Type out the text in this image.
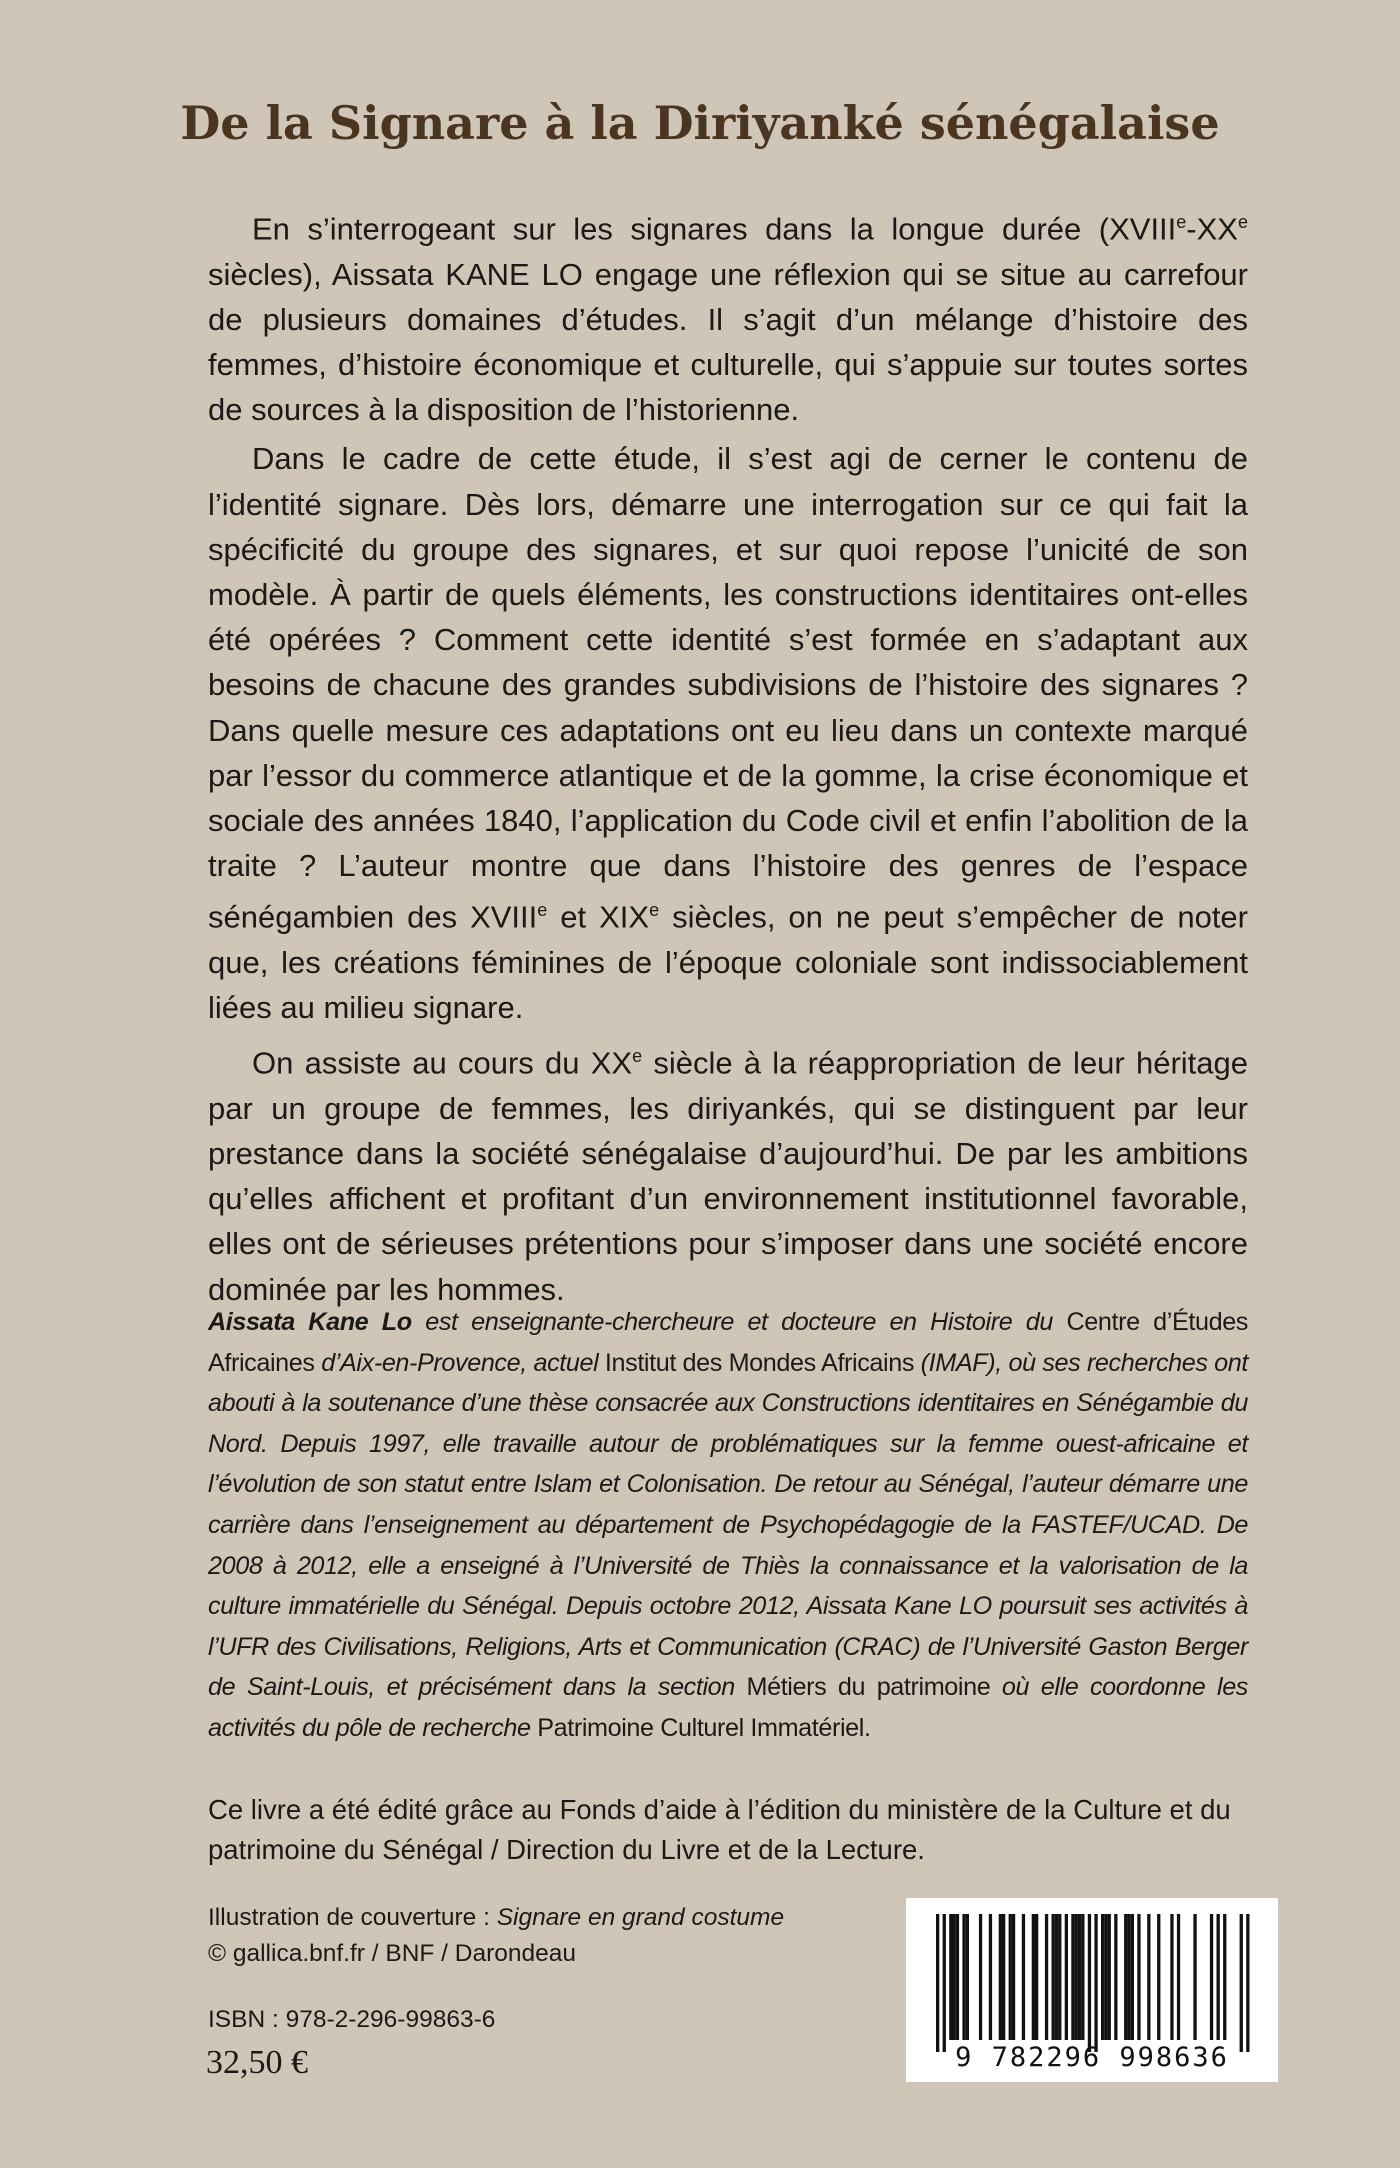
De la Signare à la Diriyanké sénégalaise

En s’interrogeant sur les signares dans la longue durée (XVIIIe-XXe siècles), Aissata KANE LO engage une réflexion qui se situe au carrefour de plusieurs domaines d’études. Il s’agit d’un mélange d’histoire des femmes, d’histoire économique et culturelle, qui s’appuie sur toutes sortes de sources à la disposition de l’historienne.

Dans le cadre de cette étude, il s’est agi de cerner le contenu de l’identité signare. Dès lors, démarre une interrogation sur ce qui fait la spécificité du groupe des signares, et sur quoi repose l’unicité de son modèle. À partir de quels éléments, les constructions identitaires ont-elles été opérées ? Comment cette identité s’est formée en s’adaptant aux besoins de chacune des grandes subdivisions de l’histoire des signares ? Dans quelle mesure ces adaptations ont eu lieu dans un contexte marqué par l’essor du commerce atlantique et de la gomme, la crise économique et sociale des années 1840, l’application du Code civil et enfin l’abolition de la traite ? L’auteur montre que dans l’histoire des genres de l’espace sénégambien des XVIIIe et XIXe siècles, on ne peut s’empêcher de noter que, les créations féminines de l’époque coloniale sont indissociablement liées au milieu signare.

On assiste au cours du XXe siècle à la réappropriation de leur héritage par un groupe de femmes, les diriyankés, qui se distinguent par leur prestance dans la société sénégalaise d’aujourd’hui. De par les ambitions qu’elles affichent et profitant d’un environnement institutionnel favorable, elles ont de sérieuses prétentions pour s’imposer dans une société encore dominée par les hommes.

Aissata Kane Lo est enseignante-chercheure et docteure en Histoire du Centre d’Études Africaines d’Aix-en-Provence, actuel Institut des Mondes Africains (IMAF), où ses recherches ont abouti à la soutenance d’une thèse consacrée aux Constructions identitaires en Sénégambie du Nord. Depuis 1997, elle travaille autour de problématiques sur la femme ouest-africaine et l’évolution de son statut entre Islam et Colonisation. De retour au Sénégal, l’auteur démarre une carrière dans l’enseignement au département de Psychopédagogie de la FASTEF/UCAD. De 2008 à 2012, elle a enseigné à l’Université de Thiès la connaissance et la valorisation de la culture immatérielle du Sénégal. Depuis octobre 2012, Aissata Kane LO poursuit ses activités à l’UFR des Civilisations, Religions, Arts et Communication (CRAC) de l’Université Gaston Berger de Saint-Louis, et précisément dans la section Métiers du patrimoine où elle coordonne les activités du pôle de recherche Patrimoine Culturel Immatériel.

Ce livre a été édité grâce au Fonds d’aide à l’édition du ministère de la Culture et du patrimoine du Sénégal / Direction du Livre et de la Lecture.

Illustration de couverture : Signare en grand costume
© gallica.bnf.fr / BNF / Darondeau
ISBN : 978-2-296-99863-6
32,50 €	9 782296 998636
